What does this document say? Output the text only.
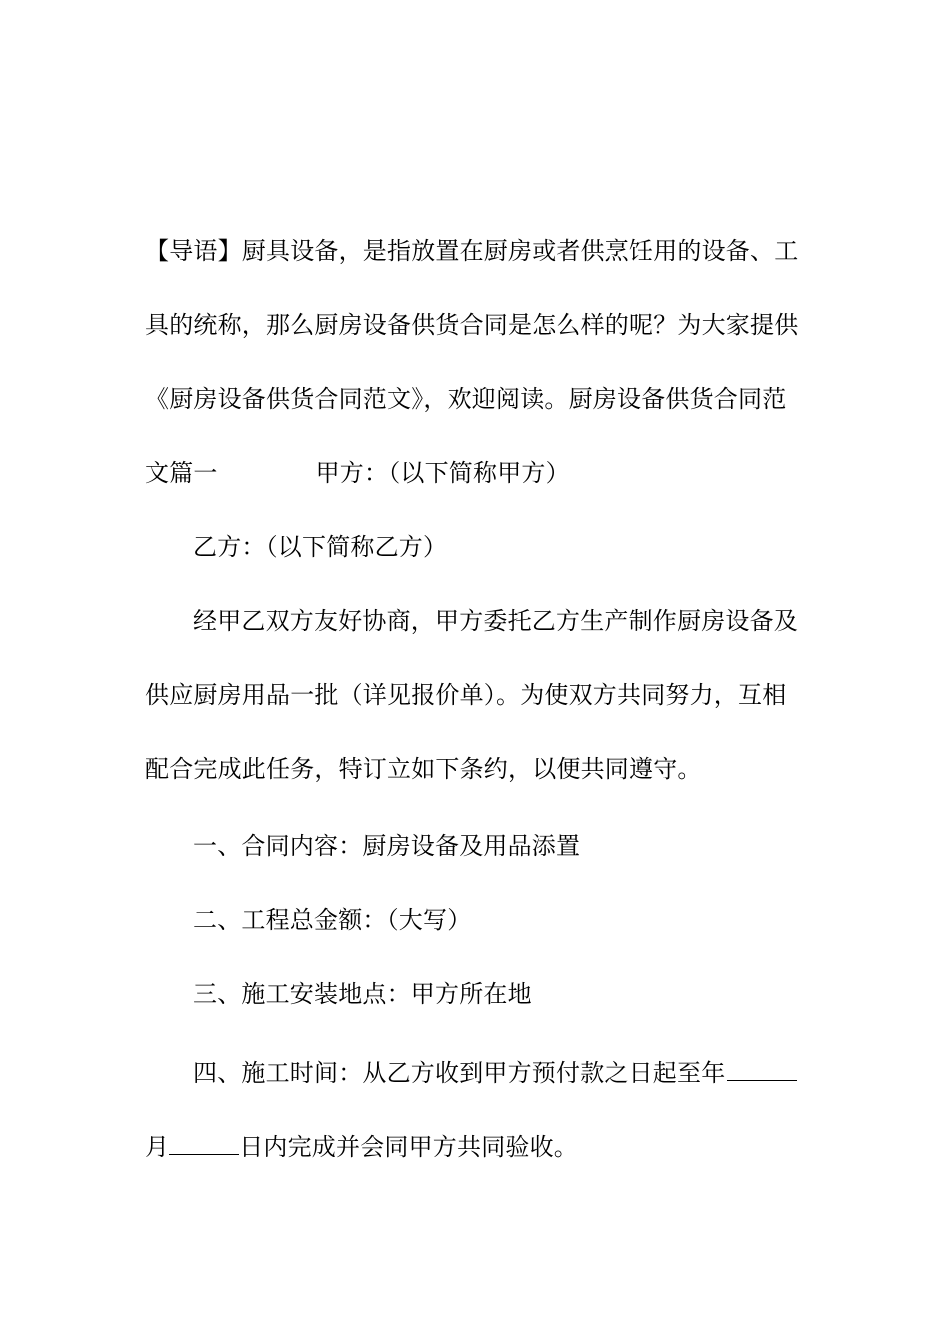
【导语】厨具设备，是指放置在厨房或者供烹饪用的设备、工
具的统称，那么厨房设备供货合同是怎么样的呢？为大家提供
《厨房设备供货合同范文》，欢迎阅读。厨房设备供货合同范
文篇一	甲方：（以下简称甲方）
乙方：（以下简称乙方）
经甲乙双方友好协商，甲方委托乙方生产制作厨房设备及
供应厨房用品一批（详见报价单）。为使双方共同努力，互相
配合完成此任务，特订立如下条约，以便共同遵守。
一、合同内容：厨房设备及用品添置
二、工程总金额：（大写）
三、施工安装地点：甲方所在地
四、施工时间：从乙方收到甲方预付款之日起至年
月	日内完成并会同甲方共同验收。
